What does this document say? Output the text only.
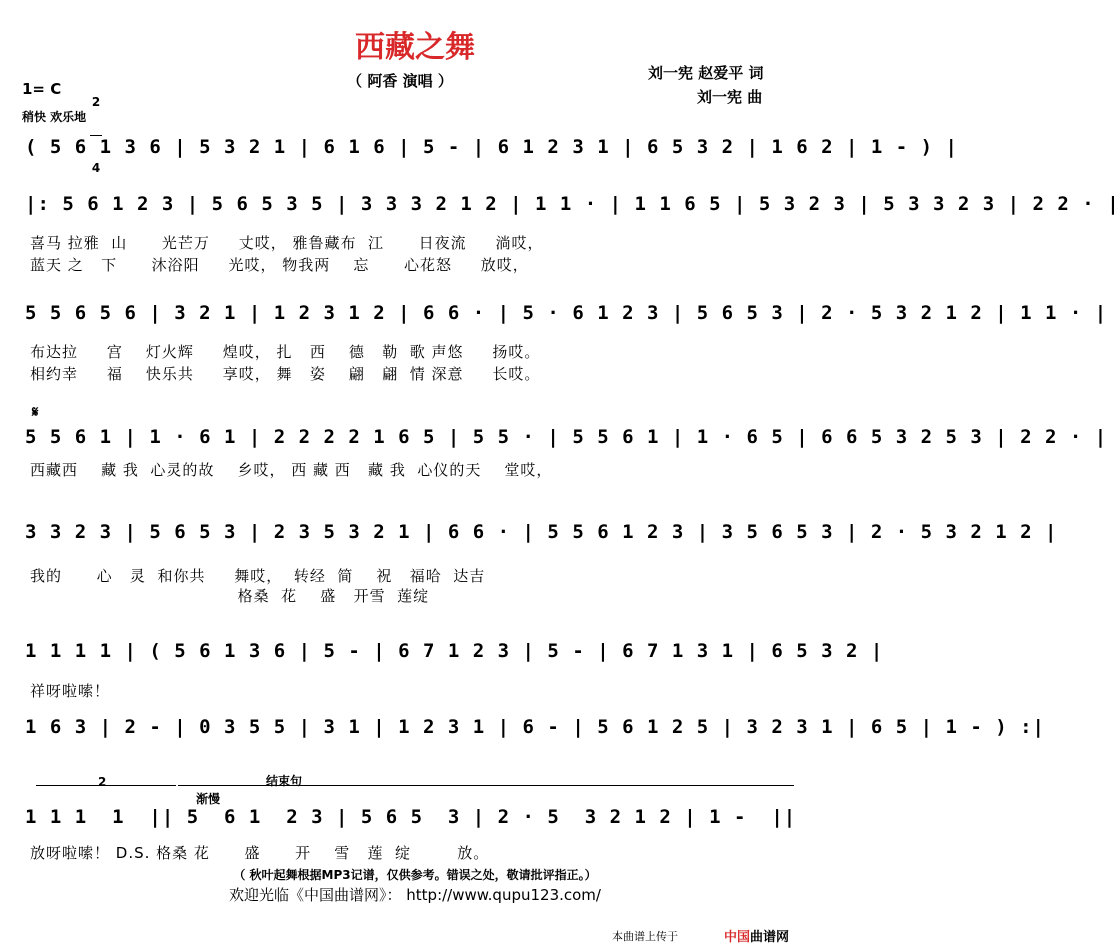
西藏之舞
（ 阿香 演唱 ）	刘一宪 赵爱平 词
刘一宪 曲
1= C

2

4

稍快 欢乐地
( 5 6 1 3 6 | 5 3 2 1 | 6 1 6 | 5 - | 6 1 2 3 1 | 6 5 3 2 | 1 6 2 | 1 - ) |
|: 5 6 1 2 3 | 5 6 5 3 5 | 3 3 3 2 1 2 | 1 1 · | 1 1 6 5 | 5 3 2 3 | 5 3 3 2 3 | 2 2 · |
喜马 拉雅  山      光芒万     丈哎， 雅鲁藏布  江      日夜流     淌哎，
蓝天 之   下      沐浴阳     光哎， 物我两    忘      心花怒     放哎，
5 5 6 5 6 | 3 2 1 | 1 2 3 1 2 | 6 6 · | 5 · 6 1 2 3 | 5 6 5 3 | 2 · 5 3 2 1 2 | 1 1 · |
布达拉     宫    灯火辉     煌哎， 扎   西    德   勒  歌 声悠     扬哎。
相约幸     福    快乐共     享哎， 舞   姿    翩   翩  情 深意     长哎。
𝄋
5 5 6 1 | 1 · 6 1 | 2 2 2 2 1 6 5 | 5 5 · | 5 5 6 1 | 1 · 6 5 | 6 6 5 3 2 5 3 | 2 2 · |
西藏西    藏 我  心灵的故    乡哎， 西 藏 西   藏 我  心仪的天    堂哎，
3 3 2 3 | 5 6 5 3 | 2 3 5 3 2 1 | 6 6 · | 5 5 6 1 2 3 | 3 5 6 5 3 | 2 · 5 3 2 1 2 |
我的      心   灵  和你共     舞哎，  转经  简    祝   福哈  达吉
格桑  花    盛   开雪  莲绽
1 1 1 1 | ( 5 6 1 3 6 | 5 - | 6 7 1 2 3 | 5 - | 6 7 1 3 1 | 6 5 3 2 |
祥呀啦嗦！
1 6 3 | 2 - | 0 3 5 5 | 3 1 | 1 2 3 1 | 6 - | 5 6 1 2 5 | 3 2 3 1 | 6 5 | 1 - ) :|
2
渐慢
结束句
1 1 1  1  || 5  6 1  2 3 | 5 6 5  3 | 2 · 5  3 2 1 2 | 1 -  ||
放呀啦嗦！ D.S. 格桑 花      盛      开    雪   莲  绽        放。
（ 秋叶起舞根据MP3记谱，仅供参考。错误之处，敬请批评指正。）
欢迎光临《中国曲谱网》： http://www.qupu123.com/
本曲谱上传于	中国曲谱网
